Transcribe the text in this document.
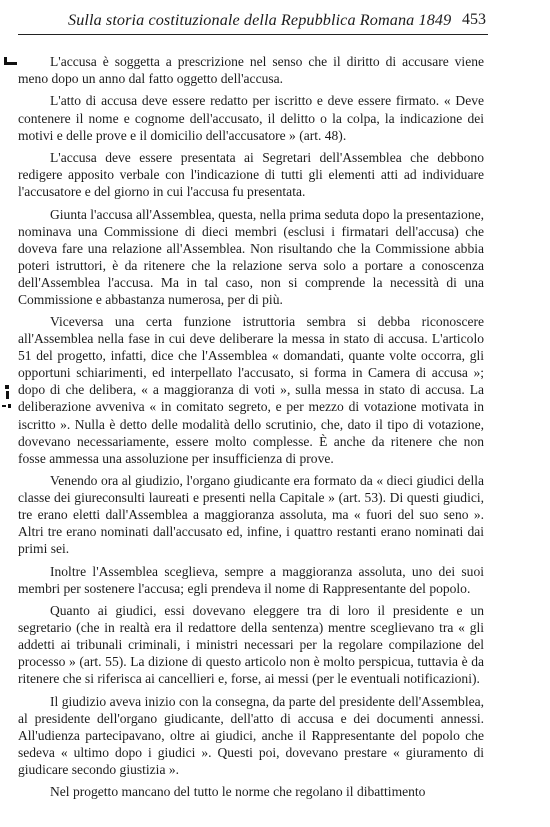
Sulla storia costituzionale della Repubblica Romana 1849 453

L'accusa è soggetta a prescrizione nel senso che il diritto di accusare viene meno dopo un anno dal fatto oggetto dell'accusa.

L'atto di accusa deve essere redatto per iscritto e deve essere firmato. « Deve contenere il nome e cognome dell'accusato, il delitto o la colpa, la indicazione dei motivi e delle prove e il domicilio dell'accusatore » (art. 48).

L'accusa deve essere presentata ai Segretari dell'Assemblea che debbono redigere apposito verbale con l'indicazione di tutti gli elementi atti ad individuare l'accusatore e del giorno in cui l'accusa fu presentata.

Giunta l'accusa all'Assemblea, questa, nella prima seduta dopo la presentazione, nominava una Commissione di dieci membri (esclusi i firmatari dell'accusa) che doveva fare una relazione all'Assemblea. Non risultando che la Commissione abbia poteri istruttori, è da ritenere che la relazione serva solo a portare a conoscenza dell'Assemblea l'accusa. Ma in tal caso, non si comprende la necessità di una Commissione e abbastanza numerosa, per di più.

Viceversa una certa funzione istruttoria sembra si debba riconoscere all'Assemblea nella fase in cui deve deliberare la messa in stato di accusa. L'articolo 51 del progetto, infatti, dice che l'Assemblea « domandati, quante volte occorra, gli opportuni schiarimenti, ed interpellato l'accusato, si forma in Camera di accusa »; dopo di che delibera, « a maggioranza di voti », sulla messa in stato di accusa. La deliberazione avveniva « in comitato segreto, e per mezzo di votazione motivata in iscritto ». Nulla è detto delle modalità dello scrutinio, che, dato il tipo di votazione, dovevano necessariamente, essere molto complesse. È anche da ritenere che non fosse ammessa una assoluzione per insufficienza di prove.

Venendo ora al giudizio, l'organo giudicante era formato da « dieci giudici della classe dei giureconsulti laureati e presenti nella Capitale » (art. 53). Di questi giudici, tre erano eletti dall'Assemblea a maggioranza assoluta, ma « fuori del suo seno ». Altri tre erano nominati dall'accusato ed, infine, i quattro restanti erano nominati dai primi sei.

Inoltre l'Assemblea sceglieva, sempre a maggioranza assoluta, uno dei suoi membri per sostenere l'accusa; egli prendeva il nome di Rappresentante del popolo.

Quanto ai giudici, essi dovevano eleggere tra di loro il presidente e un segretario (che in realtà era il redattore della sentenza) mentre sceglievano tra « gli addetti ai tribunali criminali, i ministri necessari per la regolare compilazione del processo » (art. 55). La dizione di questo articolo non è molto perspicua, tuttavia è da ritenere che si riferisca ai cancellieri e, forse, ai messi (per le eventuali notificazioni).

Il giudizio aveva inizio con la consegna, da parte del presidente dell'Assemblea, al presidente dell'organo giudicante, dell'atto di accusa e dei documenti annessi. All'udienza partecipavano, oltre ai giudici, anche il Rappresentante del popolo che sedeva « ultimo dopo i giudici ». Questi poi, dovevano prestare « giuramento di giudicare secondo giustizia ».

Nel progetto mancano del tutto le norme che regolano il dibattimento
